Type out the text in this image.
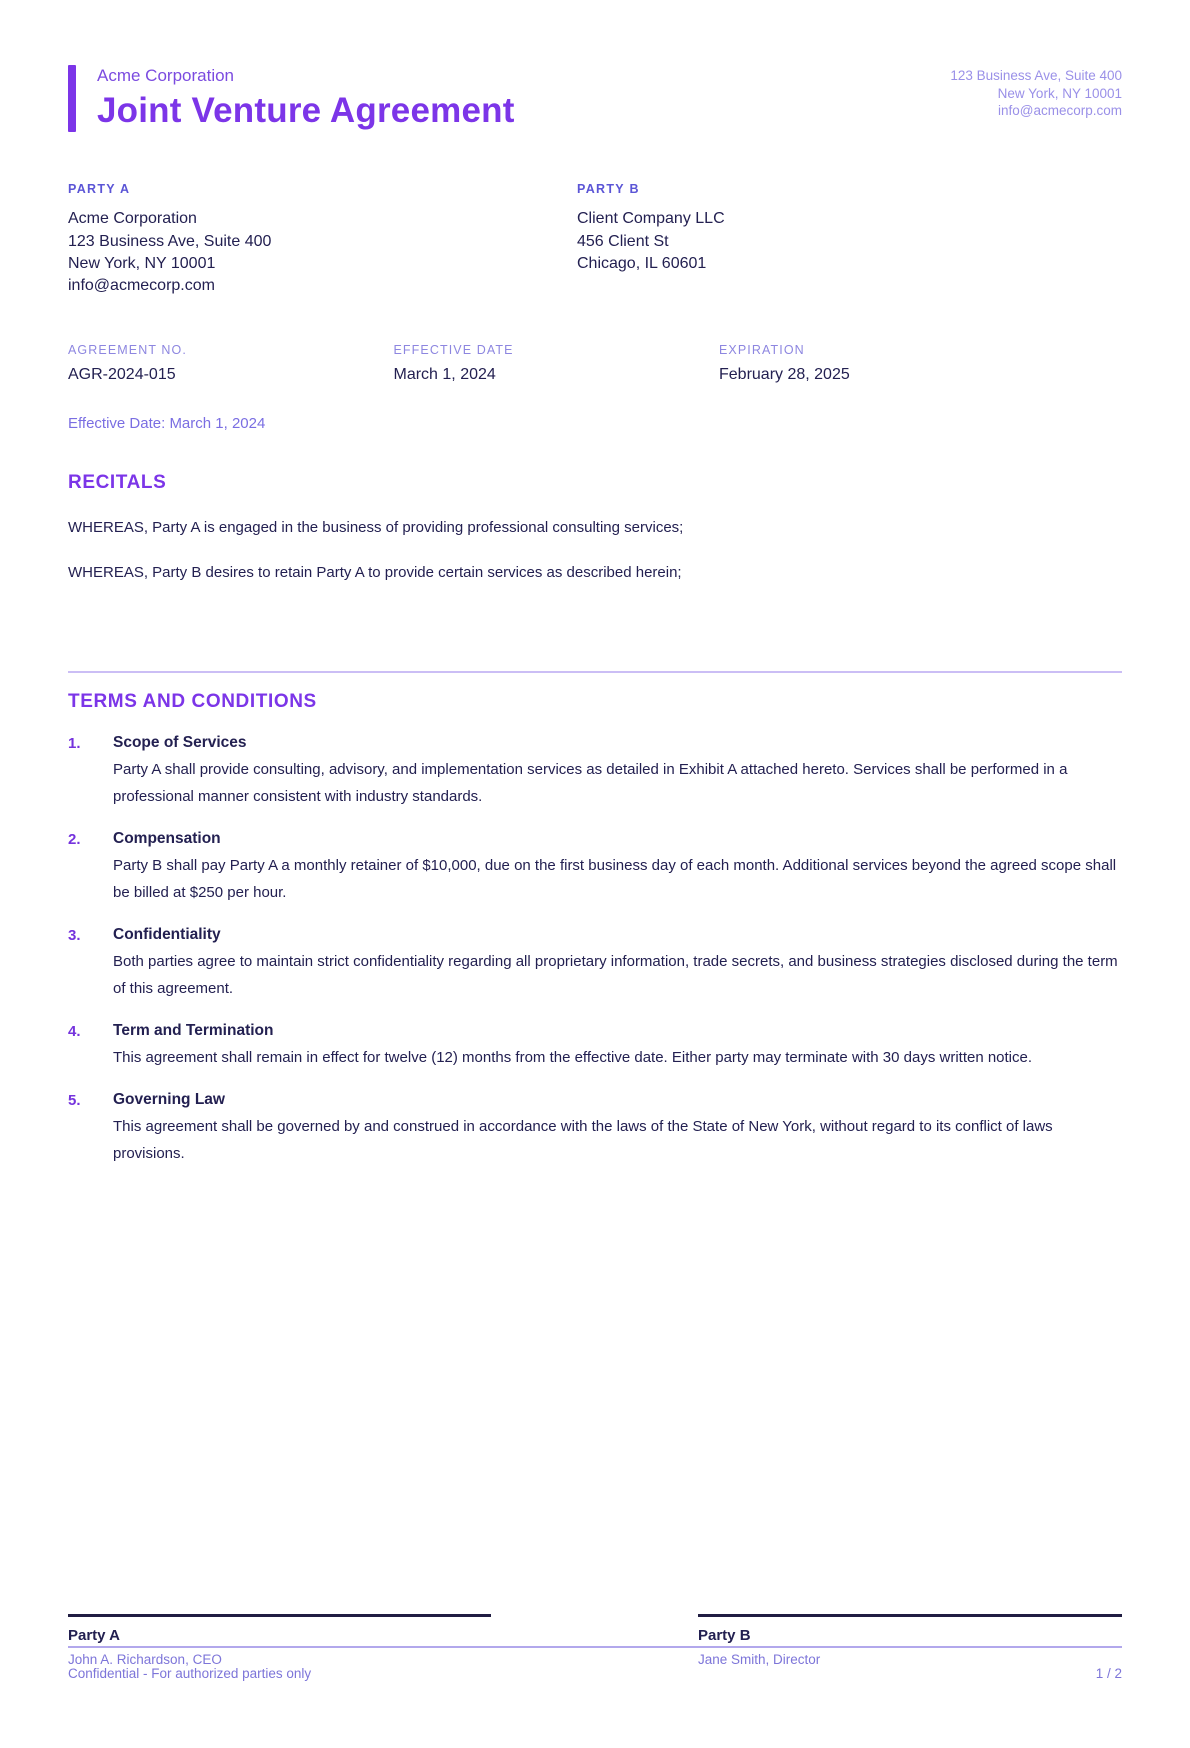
Acme Corporation
Joint Venture Agreement
123 Business Ave, Suite 400
New York, NY 10001
info@acmecorp.com
PARTY A
Acme Corporation
123 Business Ave, Suite 400
New York, NY 10001
info@acmecorp.com
PARTY B
Client Company LLC
456 Client St
Chicago, IL 60601
AGREEMENT NO.
AGR-2024-015
EFFECTIVE DATE
March 1, 2024
EXPIRATION
February 28, 2025
Effective Date: March 1, 2024
RECITALS

WHEREAS, Party A is engaged in the business of providing professional consulting services;

WHEREAS, Party B desires to retain Party A to provide certain services as described herein;

TERMS AND CONDITIONS
1.	Scope of Services
Party A shall provide consulting, advisory, and implementation services as detailed in Exhibit A attached hereto. Services shall be performed in a professional manner consistent with industry standards.
2.	Compensation
Party B shall pay Party A a monthly retainer of $10,000, due on the first business day of each month. Additional services beyond the agreed scope shall be billed at $250 per hour.
3.	Confidentiality
Both parties agree to maintain strict confidentiality regarding all proprietary information, trade secrets, and business strategies disclosed during the term of this agreement.
4.	Term and Termination
This agreement shall remain in effect for twelve (12) months from the effective date. Either party may terminate with 30 days written notice.
5.	Governing Law
This agreement shall be governed by and construed in accordance with the laws of the State of New York, without regard to its conflict of laws provisions.
Party A	Party B
John A. Richardson, CEO	Jane Smith, Director
Confidential - For authorized parties only	1 / 2
